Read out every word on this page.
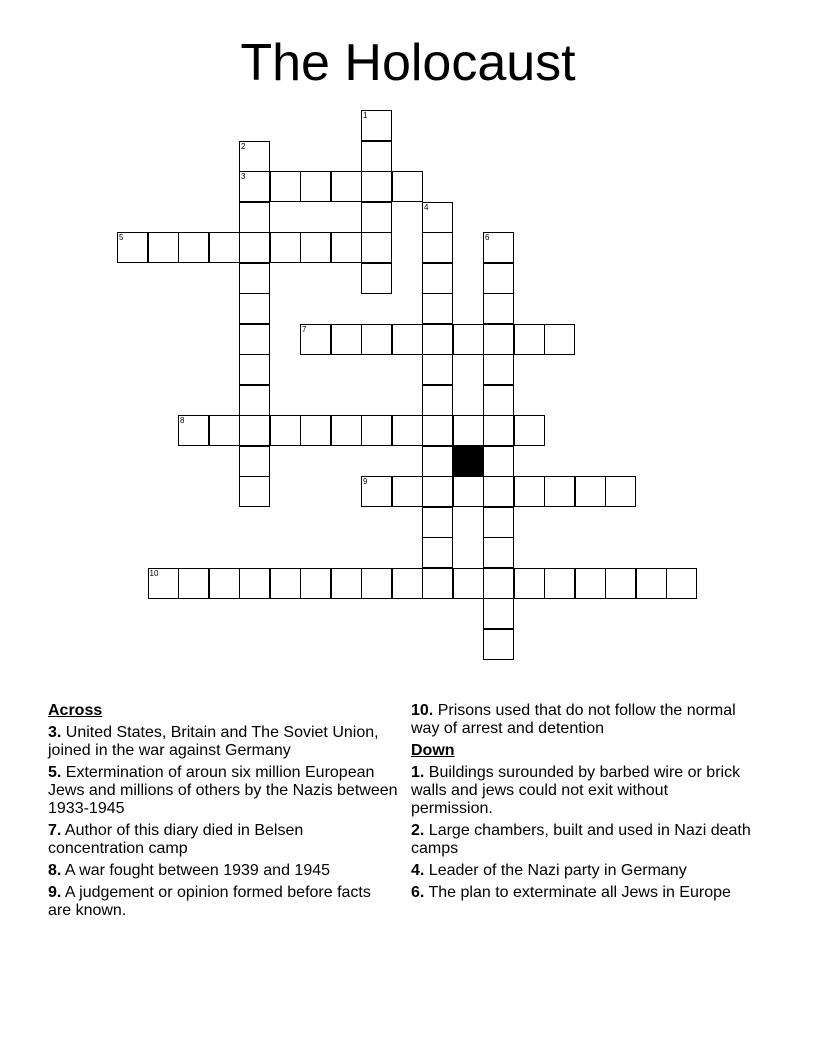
The Holocaust
1
2
3
4
5	6
7
8
9
10
Across
3. United States, Britain and The Soviet Union, joined in the war against Germany
5. Extermination of aroun six million European Jews and millions of others by the Nazis between 1933-1945
7. Author of this diary died in Belsen concentration camp
8. A war fought between 1939 and 1945
9. A judgement or opinion formed before facts are known.
10. Prisons used that do not follow the normal way of arrest and detention
Down
1. Buildings surounded by barbed wire or brick walls and jews could not exit without permission.
2. Large chambers, built and used in Nazi death camps
4. Leader of the Nazi party in Germany
6. The plan to exterminate all Jews in Europe
